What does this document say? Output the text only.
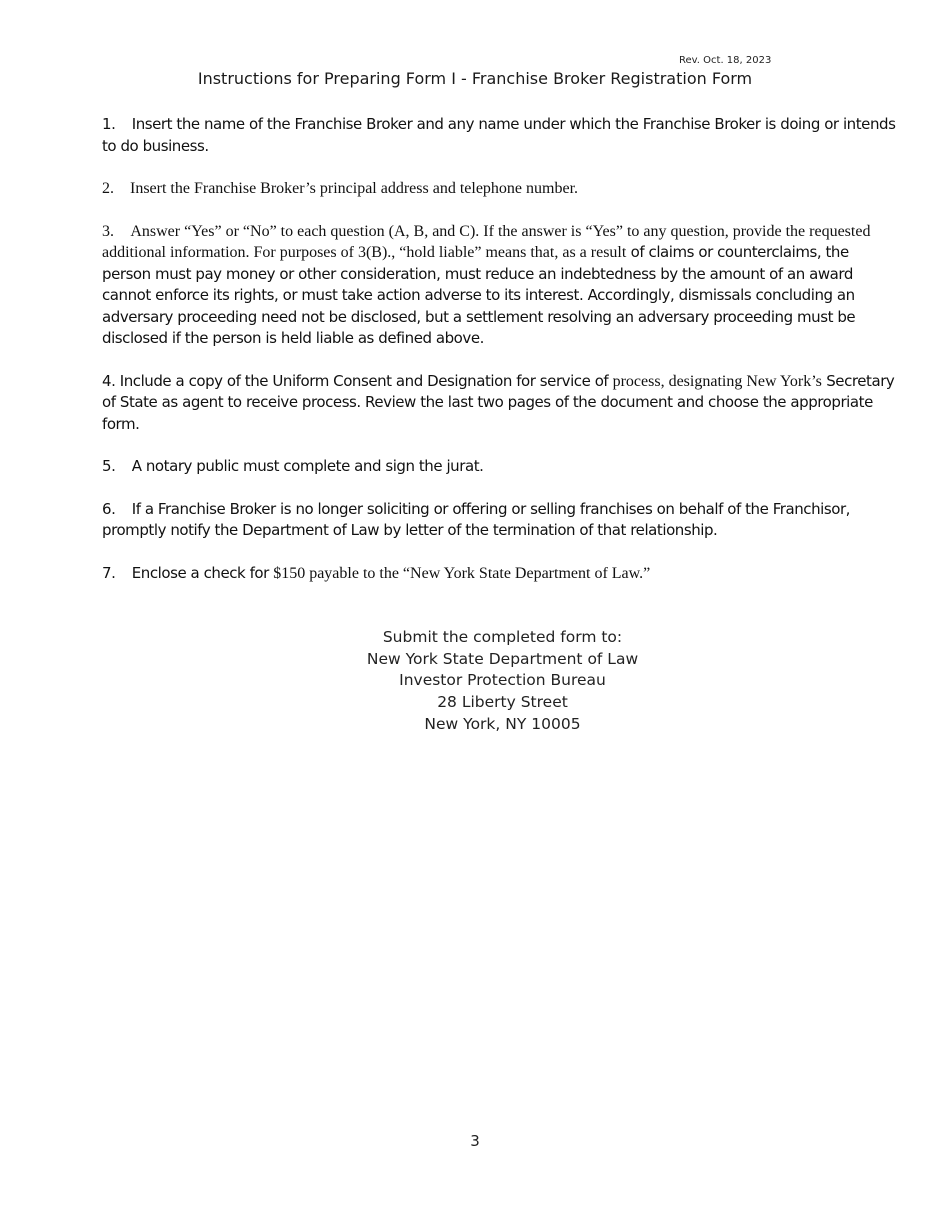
Rev. Oct. 18, 2023
Instructions for Preparing Form I - Franchise Broker Registration Form

1. Insert the name of the Franchise Broker and any name under which the Franchise Broker is doing or intends to do business.

2. Insert the Franchise Broker’s principal address and telephone number.

3. Answer “Yes” or “No” to each question (A, B, and C). If the answer is “Yes” to any question, provide the requested additional information. For purposes of 3(B)., “hold liable” means that, as a result of claims or counterclaims, the person must pay money or other consideration, must reduce an indebtedness by the amount of an award cannot enforce its rights, or must take action adverse to its interest. Accordingly, dismissals concluding an adversary proceeding need not be disclosed, but a settlement resolving an adversary proceeding must be disclosed if the person is held liable as defined above.

4. Include a copy of the Uniform Consent and Designation for service of process, designating New York’s Secretary of State as agent to receive process. Review the last two pages of the document and choose the appropriate form.

5. A notary public must complete and sign the jurat.

6. If a Franchise Broker is no longer soliciting or offering or selling franchises on behalf of the Franchisor, promptly notify the Department of Law by letter of the termination of that relationship.

7. Enclose a check for $150 payable to the “New York State Department of Law.”

Submit the completed form to:
New York State Department of Law
Investor Protection Bureau
28 Liberty Street
New York, NY 10005
3
